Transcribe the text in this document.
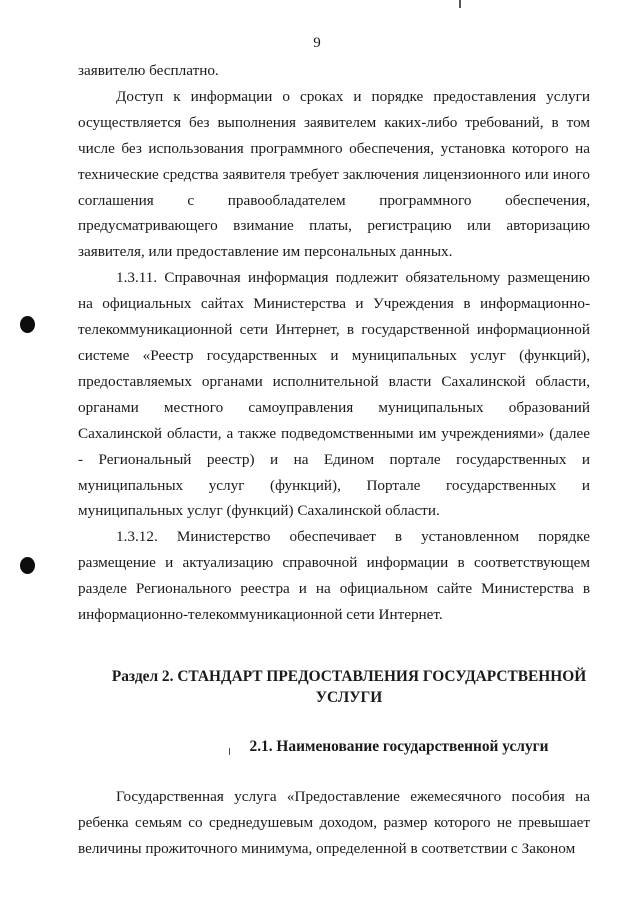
9

заявителю бесплатно.

Доступ к информации о сроках и порядке предоставления услуги осуществляется без выполнения заявителем каких-либо требований, в том числе без использования программного обеспечения, установка которого на технические средства заявителя требует заключения лицензионного или иного соглашения с правообладателем программного обеспечения, предусматривающего взимание платы, регистрацию или авторизацию заявителя, или предоставление им персональных данных.

1.3.11. Справочная информация подлежит обязательному размещению на официальных сайтах Министерства и Учреждения в информационно-телекоммуникационной сети Интернет, в государственной информационной системе «Реестр государственных и муниципальных услуг (функций), предоставляемых органами исполнительной власти Сахалинской области, органами местного самоуправления муниципальных образований Сахалинской области, а также подведомственными им учреждениями» (далее - Региональный реестр) и на Едином портале государственных и муниципальных услуг (функций), Портале государственных и муниципальных услуг (функций) Сахалинской области.

1.3.12. Министерство обеспечивает в установленном порядке размещение и актуализацию справочной информации в соответствующем разделе Регионального реестра и на официальном сайте Министерства в информационно-телекоммуникационной сети Интернет.

Раздел 2. СТАНДАРТ ПРЕДОСТАВЛЕНИЯ ГОСУДАРСТВЕННОЙ
УСЛУГИ

2.1. Наименование государственной услуги

Государственная услуга «Предоставление ежемесячного пособия на ребенка семьям со среднедушевым доходом, размер которого не превышает величины прожиточного минимума, определенной в соответствии с Законом
